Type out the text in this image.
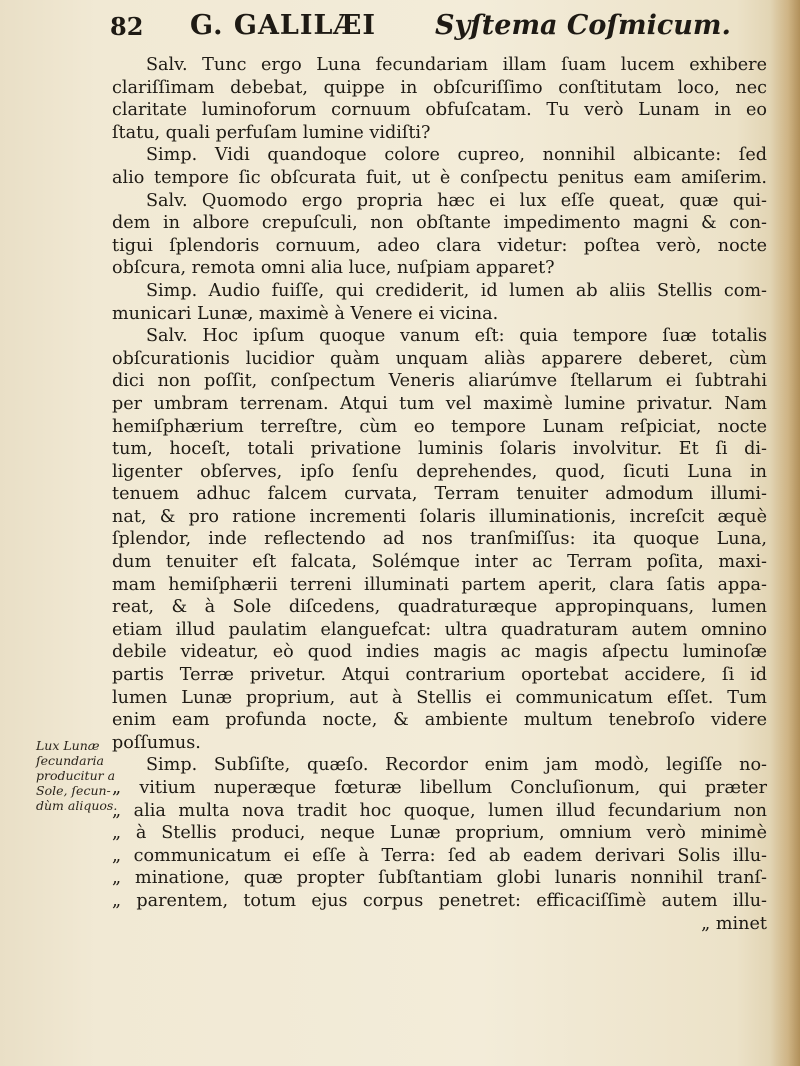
82 G. GALILÆI Syſtema Coſmicum.
Salv. Tunc ergo Luna fecundariam illam ſuam lucem exhibere
clariſſimam debebat, quippe in obſcuriſſimo conſtitutam loco, nec
claritate luminoforum cornuum obfuſcatam. Tu verò Lunam in eo
ſtatu, quali perfuſam lumine vidiſti?
Simp. Vidi quandoque colore cupreo, nonnihil albicante: ſed
alio tempore ſic obſcurata fuit, ut è conſpectu penitus eam amiſerim.
Salv. Quomodo ergo propria hæc ei lux eſſe queat, quæ qui-
dem in albore crepuſculi, non obſtante impedimento magni & con-
tigui ſplendoris cornuum, adeo clara videtur: poſtea verò, nocte
obſcura, remota omni alia luce, nuſpiam apparet?
Simp. Audio fuiſſe, qui crediderit, id lumen ab aliis Stellis com-
municari Lunæ, maximè à Venere ei vicina.
Salv. Hoc ipſum quoque vanum eſt: quia tempore ſuæ totalis
obſcurationis lucidior quàm unquam aliàs apparere deberet, cùm
dici non poſſit, conſpectum Veneris aliarúmve ſtellarum ei ſubtrahi
per umbram terrenam. Atqui tum vel maximè lumine privatur. Nam
hemiſphærium terreſtre, cùm eo tempore Lunam reſpiciat, nocte
tum, hoceſt, totali privatione luminis ſolaris involvitur. Et ſi di-
ligenter obſerves, ipſo ſenſu deprehendes, quod, ſicuti Luna in
tenuem adhuc falcem curvata, Terram tenuiter admodum illumi-
nat, & pro ratione incrementi ſolaris illuminationis, increſcit æquè
ſplendor, inde reflectendo ad nos tranſmiſſus: ita quoque Luna,
dum tenuiter eſt falcata, Solémque inter ac Terram poſita, maxi-
mam hemiſphærii terreni illuminati partem aperit, clara ſatis appa-
reat, & à Sole diſcedens, quadraturæque appropinquans, lumen
etiam illud paulatim elanguefcat: ultra quadraturam autem omnino
debile videatur, eò quod indies magis ac magis aſpectu luminoſæ
partis Terræ privetur. Atqui contrarium oportebat accidere, ſi id
lumen Lunæ proprium, aut à Stellis ei communicatum eſſet. Tum
enim eam profunda nocte, & ambiente multum tenebroſo videre
poſſumus.
Simp. Subſiſte, quæſo. Recordor enim jam modò, legiſſe no-
„ vitium nuperæque fœturæ libellum Concluſionum, qui præter
„ alia multa nova tradit hoc quoque, lumen illud fecundarium non
„ à Stellis produci, neque Lunæ proprium, omnium verò minimè
„ communicatum ei eſſe à Terra: ſed ab eadem derivari Solis illu-
„ minatione, quæ propter ſubſtantiam globi lunaris nonnihil tranſ-
„ parentem, totum ejus corpus penetret: efficaciſſimè autem illu-
„ minet
Lux Lunæ
ſecundaria
producitur a
Sole, ſecun-
dùm aliquos.
